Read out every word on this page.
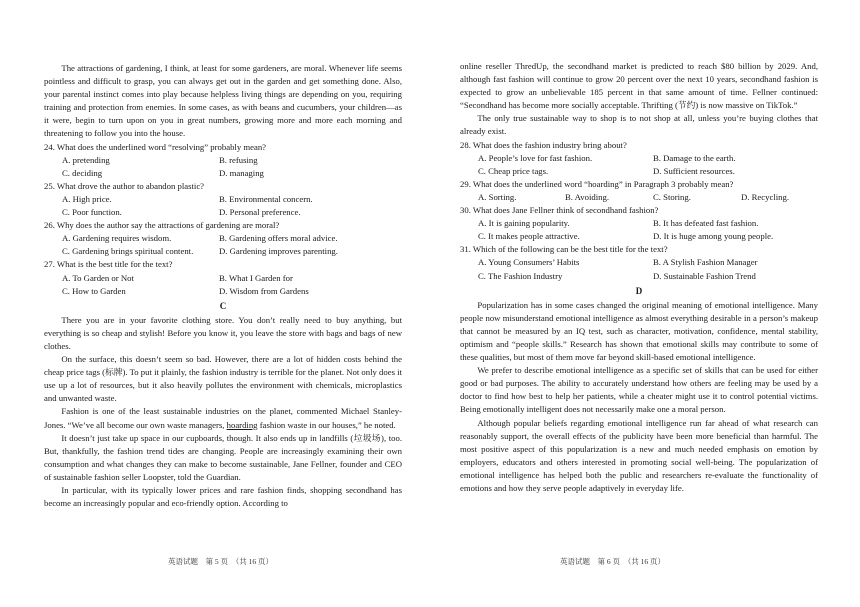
The attractions of gardening, I think, at least for some gardeners, are moral. Whenever life seems pointless and difficult to grasp, you can always get out in the garden and get something done. Also, your parental instinct comes into play because helpless living things are depending on you, requiring training and protection from enemies. In some cases, as with beans and cucumbers, your children—as it were, begin to turn upon on you in great numbers, growing more and more each morning and threatening to follow you into the house.

24. What does the underlined word “resolving” probably mean?

A. pretending	B. refusing
C. deciding	D. managing

25. What drove the author to abandon plastic?

A. High price.	B. Environmental concern.
C. Poor function.	D. Personal preference.

26. Why does the author say the attractions of gardening are moral?

A. Gardening requires wisdom.	B. Gardening offers moral advice.
C. Gardening brings spiritual content.	D. Gardening improves parenting.

27. What is the best title for the text?

A. To Garden or Not	B. What I Garden for
C. How to Garden	D. Wisdom from Gardens
C

There you are in your favorite clothing store. You don’t really need to buy anything, but everything is so cheap and stylish! Before you know it, you leave the store with bags and bags of new clothes.

On the surface, this doesn’t seem so bad. However, there are a lot of hidden costs behind the cheap price tags (标牌). To put it plainly, the fashion industry is terrible for the planet. Not only does it use up a lot of resources, but it also heavily pollutes the environment with chemicals, microplastics and unwanted waste.

Fashion is one of the least sustainable industries on the planet, commented Michael Stanley-Jones. “We’ve all become our own waste managers, hoarding fashion waste in our houses,” he noted.

It doesn’t just take up space in our cupboards, though. It also ends up in landfills (垃圾场), too. But, thankfully, the fashion trend tides are changing. People are increasingly examining their own consumption and what changes they can make to become sustainable, Jane Fellner, founder and CEO of sustainable fashion seller Loopster, told the Guardian.

In particular, with its typically lower prices and rare fashion finds, shopping secondhand has become an increasingly popular and eco-friendly option. According to

online reseller ThredUp, the secondhand market is predicted to reach $80 billion by 2029. And, although fast fashion will continue to grow 20 percent over the next 10 years, secondhand fashion is expected to grow an unbelievable 185 percent in that same amount of time. Fellner continued: “Secondhand has become more socially acceptable. Thrifting (节约) is now massive on TikTok.”

The only true sustainable way to shop is to not shop at all, unless you’re buying clothes that already exist.

28. What does the fashion industry bring about?

A. People’s love for fast fashion.	B. Damage to the earth.
C. Cheap price tags.	D. Sufficient resources.

29. What does the underlined word “hoarding” in Paragraph 3 probably mean?

A. Sorting.	B. Avoiding.	C. Storing.	D. Recycling.

30. What does Jane Fellner think of secondhand fashion?

A. It is gaining popularity.	B. It has defeated fast fashion.
C. It makes people attractive.	D. It is huge among young people.

31. Which of the following can be the best title for the text?

A. Young Consumers’ Habits	B. A Stylish Fashion Manager
C. The Fashion Industry	D. Sustainable Fashion Trend
D

Popularization has in some cases changed the original meaning of emotional intelligence. Many people now misunderstand emotional intelligence as almost everything desirable in a person’s makeup that cannot be measured by an IQ test, such as character, motivation, confidence, mental stability, optimism and “people skills.” Research has shown that emotional skills may contribute to some of these qualities, but most of them move far beyond skill-based emotional intelligence.

We prefer to describe emotional intelligence as a specific set of skills that can be used for either good or bad purposes. The ability to accurately understand how others are feeling may be used by a doctor to find how best to help her patients, while a cheater might use it to control potential victims. Being emotionally intelligent does not necessarily make one a moral person.

Although popular beliefs regarding emotional intelligence run far ahead of what research can reasonably support, the overall effects of the publicity have been more beneficial than harmful. The most positive aspect of this popularization is a new and much needed emphasis on emotion by employers, educators and others interested in promoting social well-being. The popularization of emotional intelligence has helped both the public and researchers re-evaluate the functionality of emotions and how they serve people adaptively in everyday life.

英语试题　第 5 页　（共 16 页）	英语试题　第 6 页　（共 16 页）
